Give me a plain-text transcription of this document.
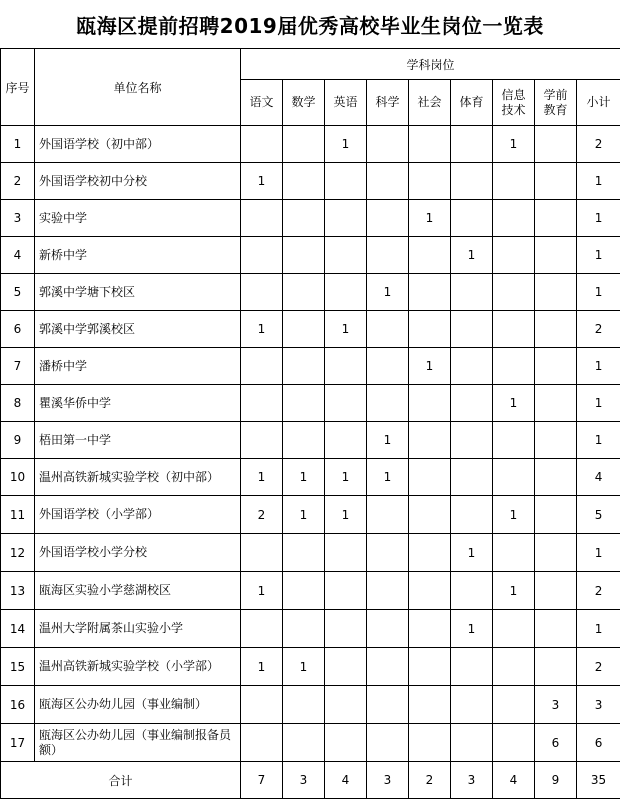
瓯海区提前招聘2019届优秀高校毕业生岗位一览表
序号	单位名称	学科岗位								
		语文	数学	英语	科学	社会	体育	信息技术	学前教育	小计
1	外国语学校（初中部）			1				1		2
2	外国语学校初中分校	1								1
3	实验中学					1				1
4	新桥中学						1			1
5	郭溪中学塘下校区				1					1
6	郭溪中学郭溪校区	1		1						2
7	潘桥中学					1				1
8	瞿溪华侨中学							1		1
9	梧田第一中学				1					1
10	温州高铁新城实验学校（初中部）	1	1	1	1					4
11	外国语学校（小学部）	2	1	1				1		5
12	外国语学校小学分校						1			1
13	瓯海区实验小学慈湖校区	1						1		2
14	温州大学附属茶山实验小学						1			1
15	温州高铁新城实验学校（小学部）	1	1							2
16	瓯海区公办幼儿园（事业编制）								3	3
17	瓯海区公办幼儿园（事业编制报备员额）								6	6
合计		7	3	4	3	2	3	4	9	35
